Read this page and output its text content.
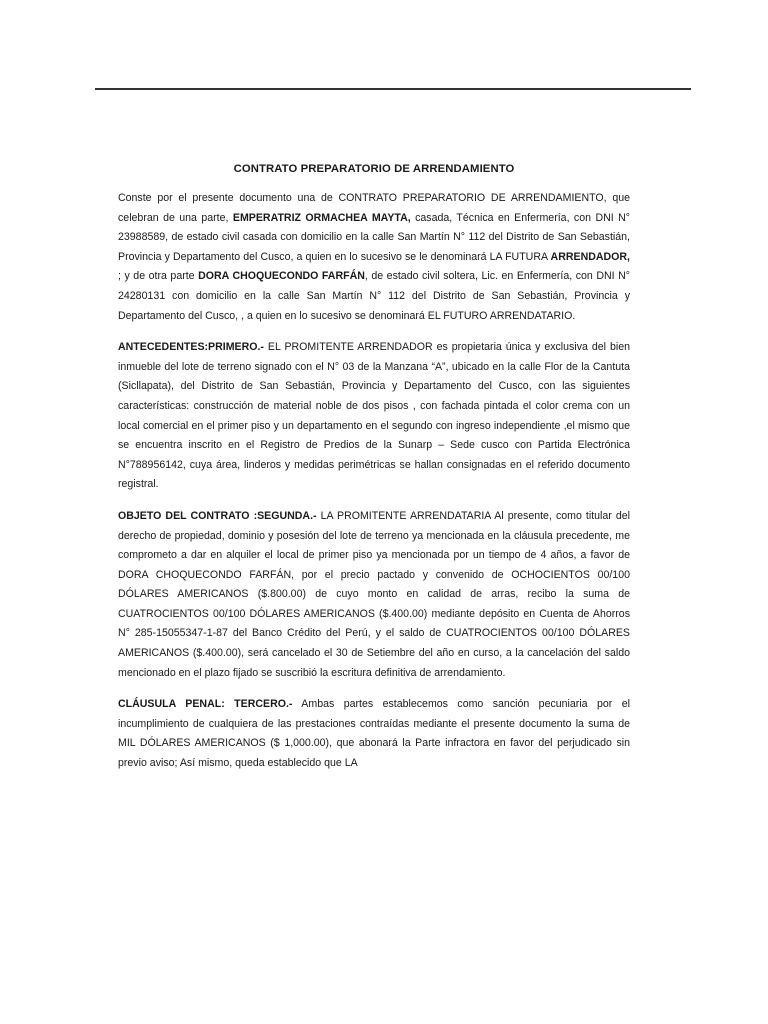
CONTRATO PREPARATORIO DE ARRENDAMIENTO

Conste por el presente documento una de CONTRATO PREPARATORIO DE ARRENDAMIENTO, que celebran de una parte, EMPERATRIZ ORMACHEA MAYTA, casada, Técnica en Enfermería, con DNI N° 23988589, de estado civil casada con domicilio en la calle San Martín N° 112 del Distrito de San Sebastián, Provincia y Departamento del Cusco, a quien en lo sucesivo se le denominará LA FUTURA ARRENDADOR, ; y de otra parte DORA CHOQUECONDO FARFÁN, de estado civil soltera, Lic. en Enfermería, con DNI N° 24280131 con domicilio en la calle San Martín N° 112 del Distrito de San Sebastián, Provincia y Departamento del Cusco, , a quien en lo sucesivo se denominará EL FUTURO ARRENDATARIO.

ANTECEDENTES:PRIMERO.- EL PROMITENTE ARRENDADOR es propietaria única y exclusiva del bien inmueble del lote de terreno signado con el N° 03 de la Manzana “A”, ubicado en la calle Flor de la Cantuta (Sicllapata), del Distrito de San Sebastián, Provincia y Departamento del Cusco, con las siguientes características: construcción de material noble de dos pisos , con fachada pintada el color crema con un local comercial en el primer piso y un departamento en el segundo con ingreso independiente ,el mismo que se encuentra inscrito en el Registro de Predios de la Sunarp – Sede cusco con Partida Electrónica N°788956142, cuya área, linderos y medidas perimétricas se hallan consignadas en el referido documento registral.

OBJETO DEL CONTRATO :SEGUNDA.- LA PROMITENTE ARRENDATARIA Al presente, como titular del derecho de propiedad, dominio y posesión del lote de terreno ya mencionada en la cláusula precedente, me comprometo a dar en alquiler el local de primer piso ya mencionada por un tiempo de 4 años, a favor de DORA CHOQUECONDO FARFÁN, por el precio pactado y convenido de OCHOCIENTOS 00/100 DÓLARES AMERICANOS ($.800.00) de cuyo monto en calidad de arras, recibo la suma de CUATROCIENTOS 00/100 DÓLARES AMERICANOS ($.400.00) mediante depósito en Cuenta de Ahorros N° 285-15055347-1-87 del Banco Crédito del Perú, y el saldo de CUATROCIENTOS 00/100 DÓLARES AMERICANOS ($.400.00), será cancelado el 30 de Setiembre del año en curso, a la cancelación del saldo mencionado en el plazo fijado se suscribió la escritura definitiva de arrendamiento.

CLÁUSULA PENAL: TERCERO.- Ambas partes establecemos como sanción pecuniaria por el incumplimiento de cualquiera de las prestaciones contraídas mediante el presente documento la suma de MIL DÓLARES AMERICANOS ($ 1,000.00), que abonará la Parte infractora en favor del perjudicado sin previo aviso; Así mismo, queda establecido que LA
